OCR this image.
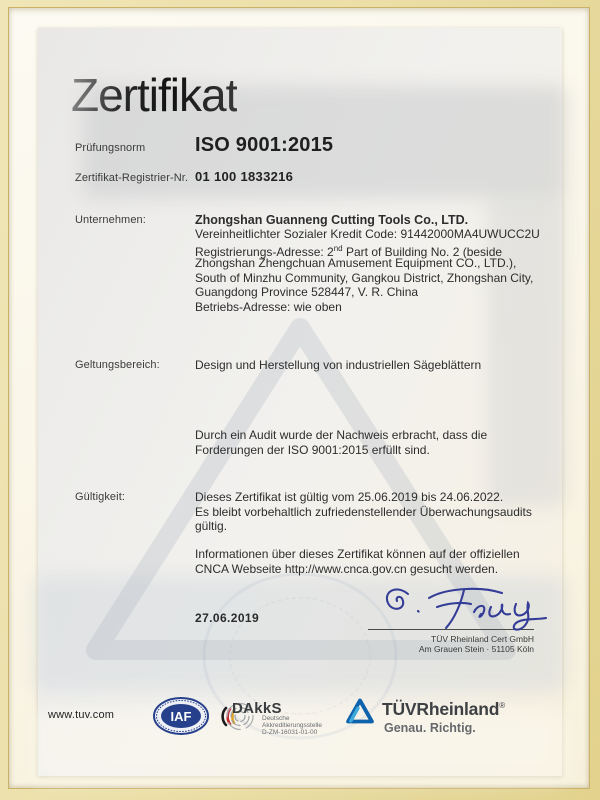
Zertifikat
Prüfungsnorm ISO 9001:2015
Zertifikat-Registrier-Nr. 01 100 1833216
Unternehmen:	Zhongshan Guanneng Cutting Tools Co., LTD.
Vereinheitlichter Sozialer Kredit Code: 91442000MA4UWUCC2U
Registrierungs-Adresse: 2nd Part of Building No. 2 (beside
Zhongshan Zhengchuan Amusement Equipment CO., LTD.),
South of Minzhu Community, Gangkou District, Zhongshan City,
Guangdong Province 528447, V. R. China
Betriebs-Adresse: wie oben
Geltungsbereich:	Design und Herstellung von industriellen Sägeblättern
Durch ein Audit wurde der Nachweis erbracht, dass die
Forderungen der ISO 9001:2015 erfüllt sind.
Gültigkeit:	Dieses Zertifikat ist gültig vom 25.06.2019 bis 24.06.2022.
Es bleibt vorbehaltlich zufriedenstellender Überwachungsaudits
gültig.
Informationen über dieses Zertifikat können auf der offiziellen
CNCA Webseite http://www.cnca.gov.cn gesucht werden.
27.06.2019
TÜV Rheinland Cert GmbH
Am Grauen Stein · 51105 Köln
www.tuv.com	IAF	DAkkS
Deutsche
Akkreditierungsstelle
D-ZM-16031-01-00
TÜVRheinland®
Genau. Richtig.
